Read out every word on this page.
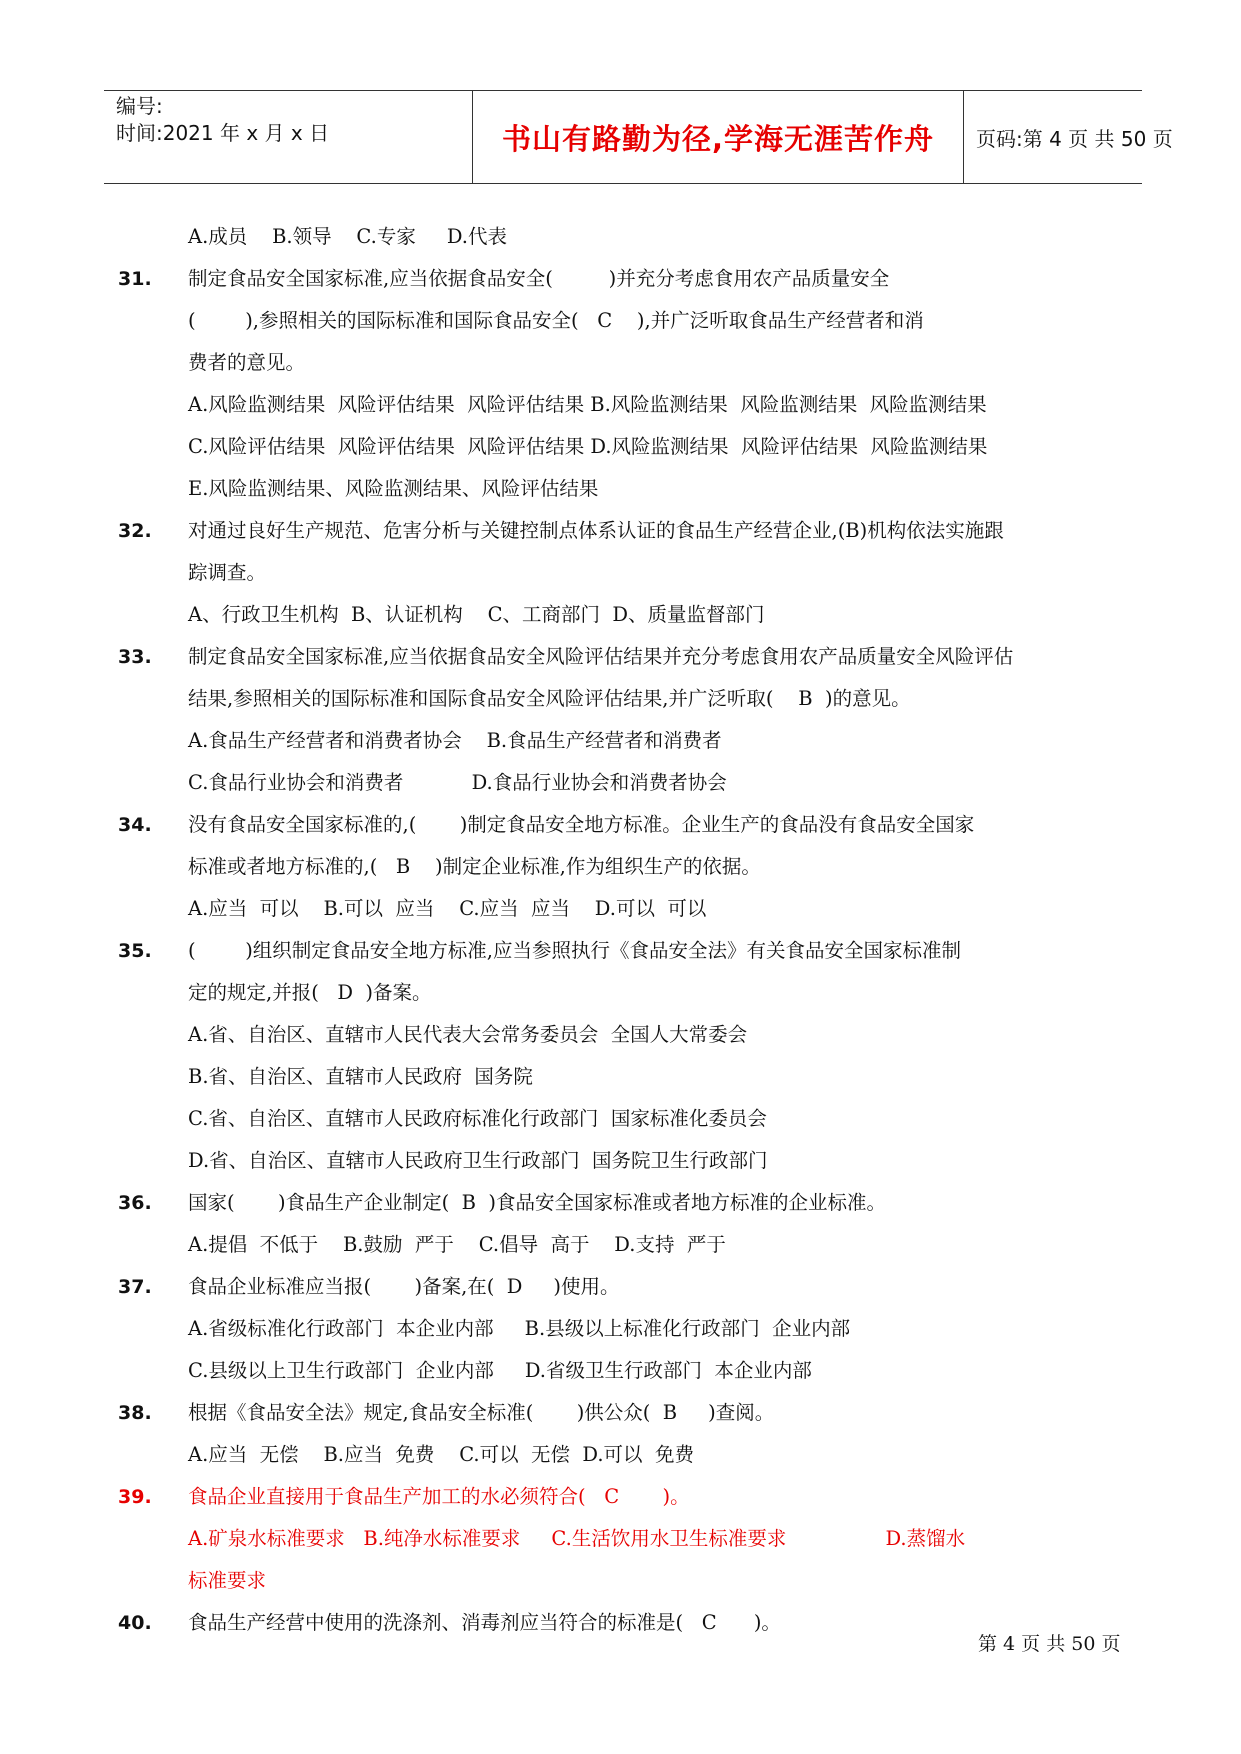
编号:
时间:2021 年 x 月 x 日	书山有路勤为径,学海无涯苦作舟	页码:第 4 页 共 50 页
A.成员    B.领导    C.专家     D.代表
31. 制定食品安全国家标准,应当依据食品安全(         )并充分考虑食用农产品质量安全
(        ),参照相关的国际标准和国际食品安全(   C    ),并广泛听取食品生产经营者和消
费者的意见。
A.风险监测结果  风险评估结果  风险评估结果 B.风险监测结果  风险监测结果  风险监测结果
C.风险评估结果  风险评估结果  风险评估结果 D.风险监测结果  风险评估结果  风险监测结果
E.风险监测结果、风险监测结果、风险评估结果
32. 对通过良好生产规范、危害分析与关键控制点体系认证的食品生产经营企业,(B)机构依法实施跟
踪调查。
A、行政卫生机构  B、认证机构    C、工商部门  D、质量监督部门
33. 制定食品安全国家标准,应当依据食品安全风险评估结果并充分考虑食用农产品质量安全风险评估
结果,参照相关的国际标准和国际食品安全风险评估结果,并广泛听取(    B  )的意见。
A.食品生产经营者和消费者协会    B.食品生产经营者和消费者
C.食品行业协会和消费者           D.食品行业协会和消费者协会
34. 没有食品安全国家标准的,(       )制定食品安全地方标准。企业生产的食品没有食品安全国家
标准或者地方标准的,(   B    )制定企业标准,作为组织生产的依据。
A.应当  可以    B.可以  应当    C.应当  应当    D.可以  可以
35. (        )组织制定食品安全地方标准,应当参照执行《食品安全法》有关食品安全国家标准制
定的规定,并报(   D  )备案。
A.省、自治区、直辖市人民代表大会常务委员会  全国人大常委会
B.省、自治区、直辖市人民政府  国务院
C.省、自治区、直辖市人民政府标准化行政部门  国家标准化委员会
D.省、自治区、直辖市人民政府卫生行政部门  国务院卫生行政部门
36. 国家(       )食品生产企业制定(  B  )食品安全国家标准或者地方标准的企业标准。
A.提倡  不低于    B.鼓励  严于    C.倡导  高于    D.支持  严于
37. 食品企业标准应当报(       )备案,在(  D     )使用。
A.省级标准化行政部门  本企业内部     B.县级以上标准化行政部门  企业内部
C.县级以上卫生行政部门  企业内部     D.省级卫生行政部门  本企业内部
38. 根据《食品安全法》规定,食品安全标准(       )供公众(  B     )查阅。
A.应当  无偿    B.应当  免费    C.可以  无偿  D.可以  免费
39. 食品企业直接用于食品生产加工的水必须符合(   C       )。
A.矿泉水标准要求   B.纯净水标准要求     C.生活饮用水卫生标准要求                D.蒸馏水
标准要求
40. 食品生产经营中使用的洗涤剂、消毒剂应当符合的标准是(   C      )。
第 4 页 共 50 页
